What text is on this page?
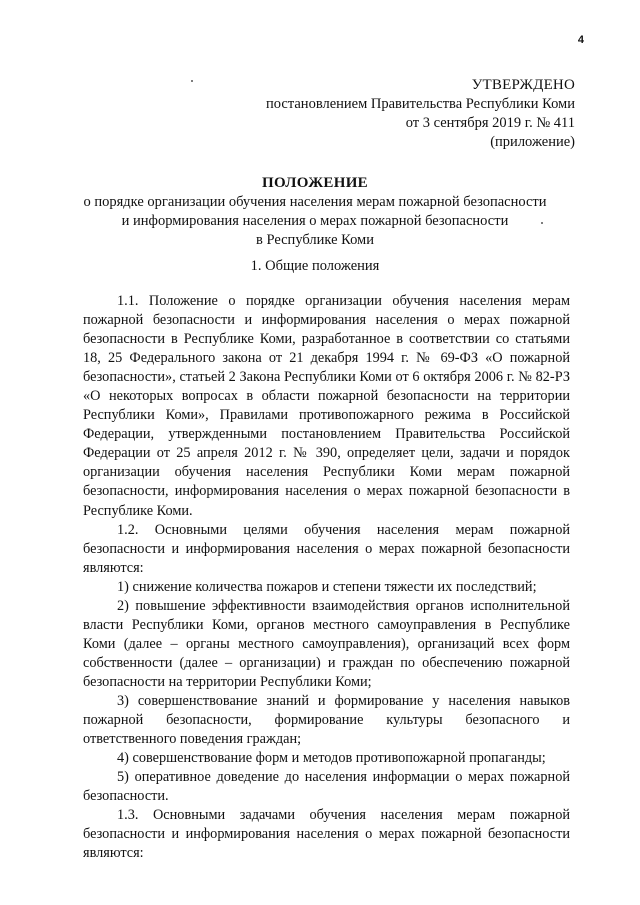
4
УТВЕРЖДЕНО
постановлением Правительства Республики Коми
от 3 сентября 2019 г. № 411
(приложение)
ПОЛОЖЕНИЕ
о порядке организации обучения населения мерам пожарной безопасности
и информирования населения о мерах пожарной безопасности
в Республике Коми
1. Общие положения

1.1. Положение о порядке организации обучения населения мерам пожарной безопасности и информирования населения о мерах пожарной безопасности в Республике Коми, разработанное в соответствии со статьями 18, 25 Федерального закона от 21 декабря 1994 г. № 69-ФЗ «О пожарной безопасности», статьей 2 Закона Республики Коми от 6 октября 2006 г. № 82-РЗ «О некоторых вопросах в области пожарной безопасности на территории Республики Коми», Правилами противопожарного режима в Российской Федерации, утвержденными постановлением Правительства Российской Федерации от 25 апреля 2012 г. № 390, определяет цели, задачи и порядок организации обучения населения Республики Коми мерам пожарной безопасности, информирования населения о мерах пожарной безопасности в Республике Коми.

1.2. Основными целями обучения населения мерам пожарной безопасности и информирования населения о мерах пожарной безопасности являются:

1) снижение количества пожаров и степени тяжести их последствий;

2) повышение эффективности взаимодействия органов исполнительной власти Республики Коми, органов местного самоуправления в Республике Коми (далее – органы местного самоуправления), организаций всех форм собственности (далее – организации) и граждан по обеспечению пожарной безопасности на территории Республики Коми;

3) совершенствование знаний и формирование у населения навыков пожарной безопасности, формирование культуры безопасного и ответственного поведения граждан;

4) совершенствование форм и методов противопожарной пропаганды;

5) оперативное доведение до населения информации о мерах пожарной безопасности.

1.3. Основными задачами обучения населения мерам пожарной безопасности и информирования населения о мерах пожарной безопасности являются:
